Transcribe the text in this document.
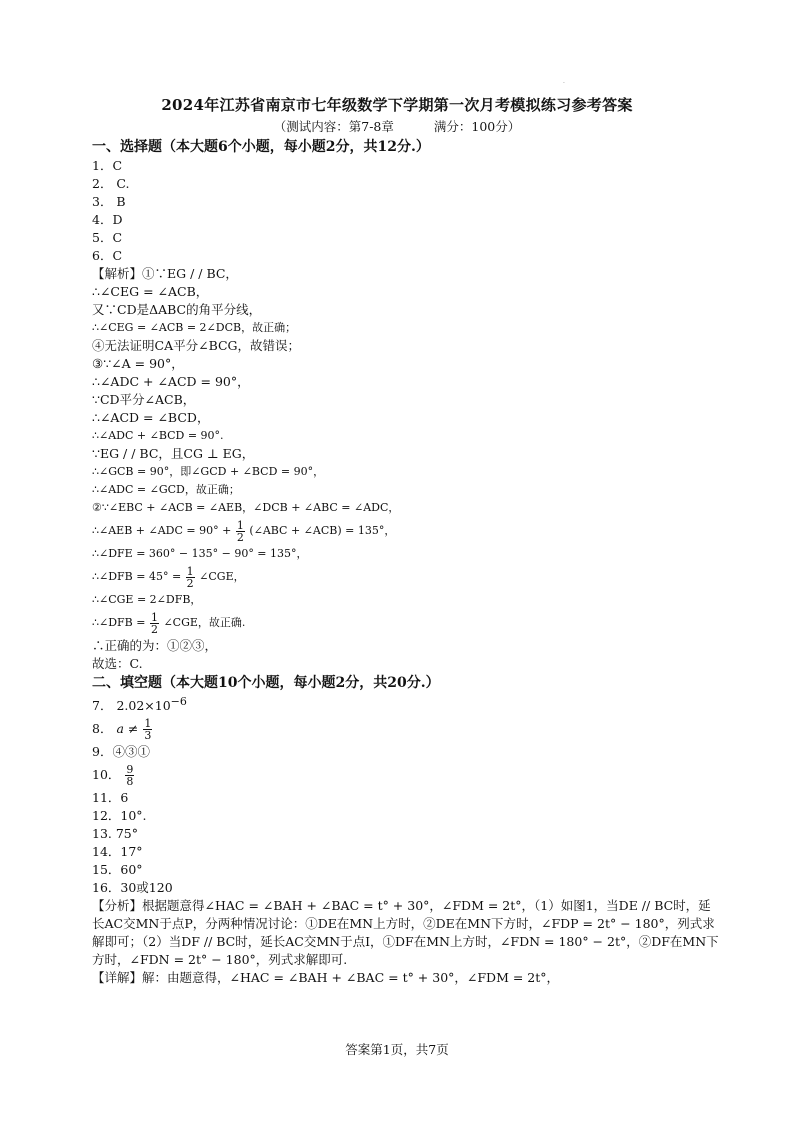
·
2024年江苏省南京市七年级数学下学期第一次月考模拟练习参考答案
（测试内容：第7-8章	满分：100分）
一、选择题（本大题6个小题，每小题2分，共12分.）
1．C
2． C.
3． B
4．D
5．C
6．C
【解析】①∵EG / / BC，
∴∠CEG = ∠ACB，
又∵CD是ΔABC的角平分线，
∴∠CEG = ∠ACB = 2∠DCB，故正确；
④无法证明CA平分∠BCG，故错误；
③∵∠A = 90°，
∴∠ADC + ∠ACD = 90°，
∵CD平分∠ACB，
∴∠ACD = ∠BCD，
∴∠ADC + ∠BCD = 90°.
∵EG / / BC，且CG ⊥ EG，
∴∠GCB = 90°，即∠GCD + ∠BCD = 90°，
∴∠ADC = ∠GCD，故正确；
②∵∠EBC + ∠ACB = ∠AEB，∠DCB + ∠ABC = ∠ADC，
∴∠AEB + ∠ADC = $90^\circ + \frac{1}{2}$ (∠ABC + ∠ACB) = 135°，
∴∠DFE = 360° − 135° − 90° = 135°，
∴∠DFB = $45^\circ = \frac{1}{2}$ ∠CGE，
∴∠CGE = 2∠DFB，
∴∠DFB = $\frac{1}{2}$ ∠CGE，故正确.
∴正确的为：①②③，
故选：C.
二、填空题（本大题10个小题，每小题2分，共20分.）
7． $2.02\times 10^{-6}$
8． $a \ne \frac{1}{3}$
9．④③①
10． $\frac{9}{8}$
11．6
12．10°.
13. 75°
14．17°
15．60°
16．30或120
【分析】根据题意得∠HAC = ∠BAH + ∠BAC = t° + 30°，∠FDM = 2t°，（1）如图1，当DE // BC时，延长AC交MN于点P，分两种情况讨论：①DE在MN上方时，②DE在MN下方时，∠FDP = 2t° − 180°，列式求解即可；（2）当DF // BC时，延长AC交MN于点I，①DF在MN上方时，∠FDN = 180° − 2t°，②DF在MN下方时，∠FDN = 2t° − 180°，列式求解即可.
【详解】解：由题意得，∠HAC = ∠BAH + ∠BAC = t° + 30°，∠FDM = 2t°，
答案第1页，共7页
